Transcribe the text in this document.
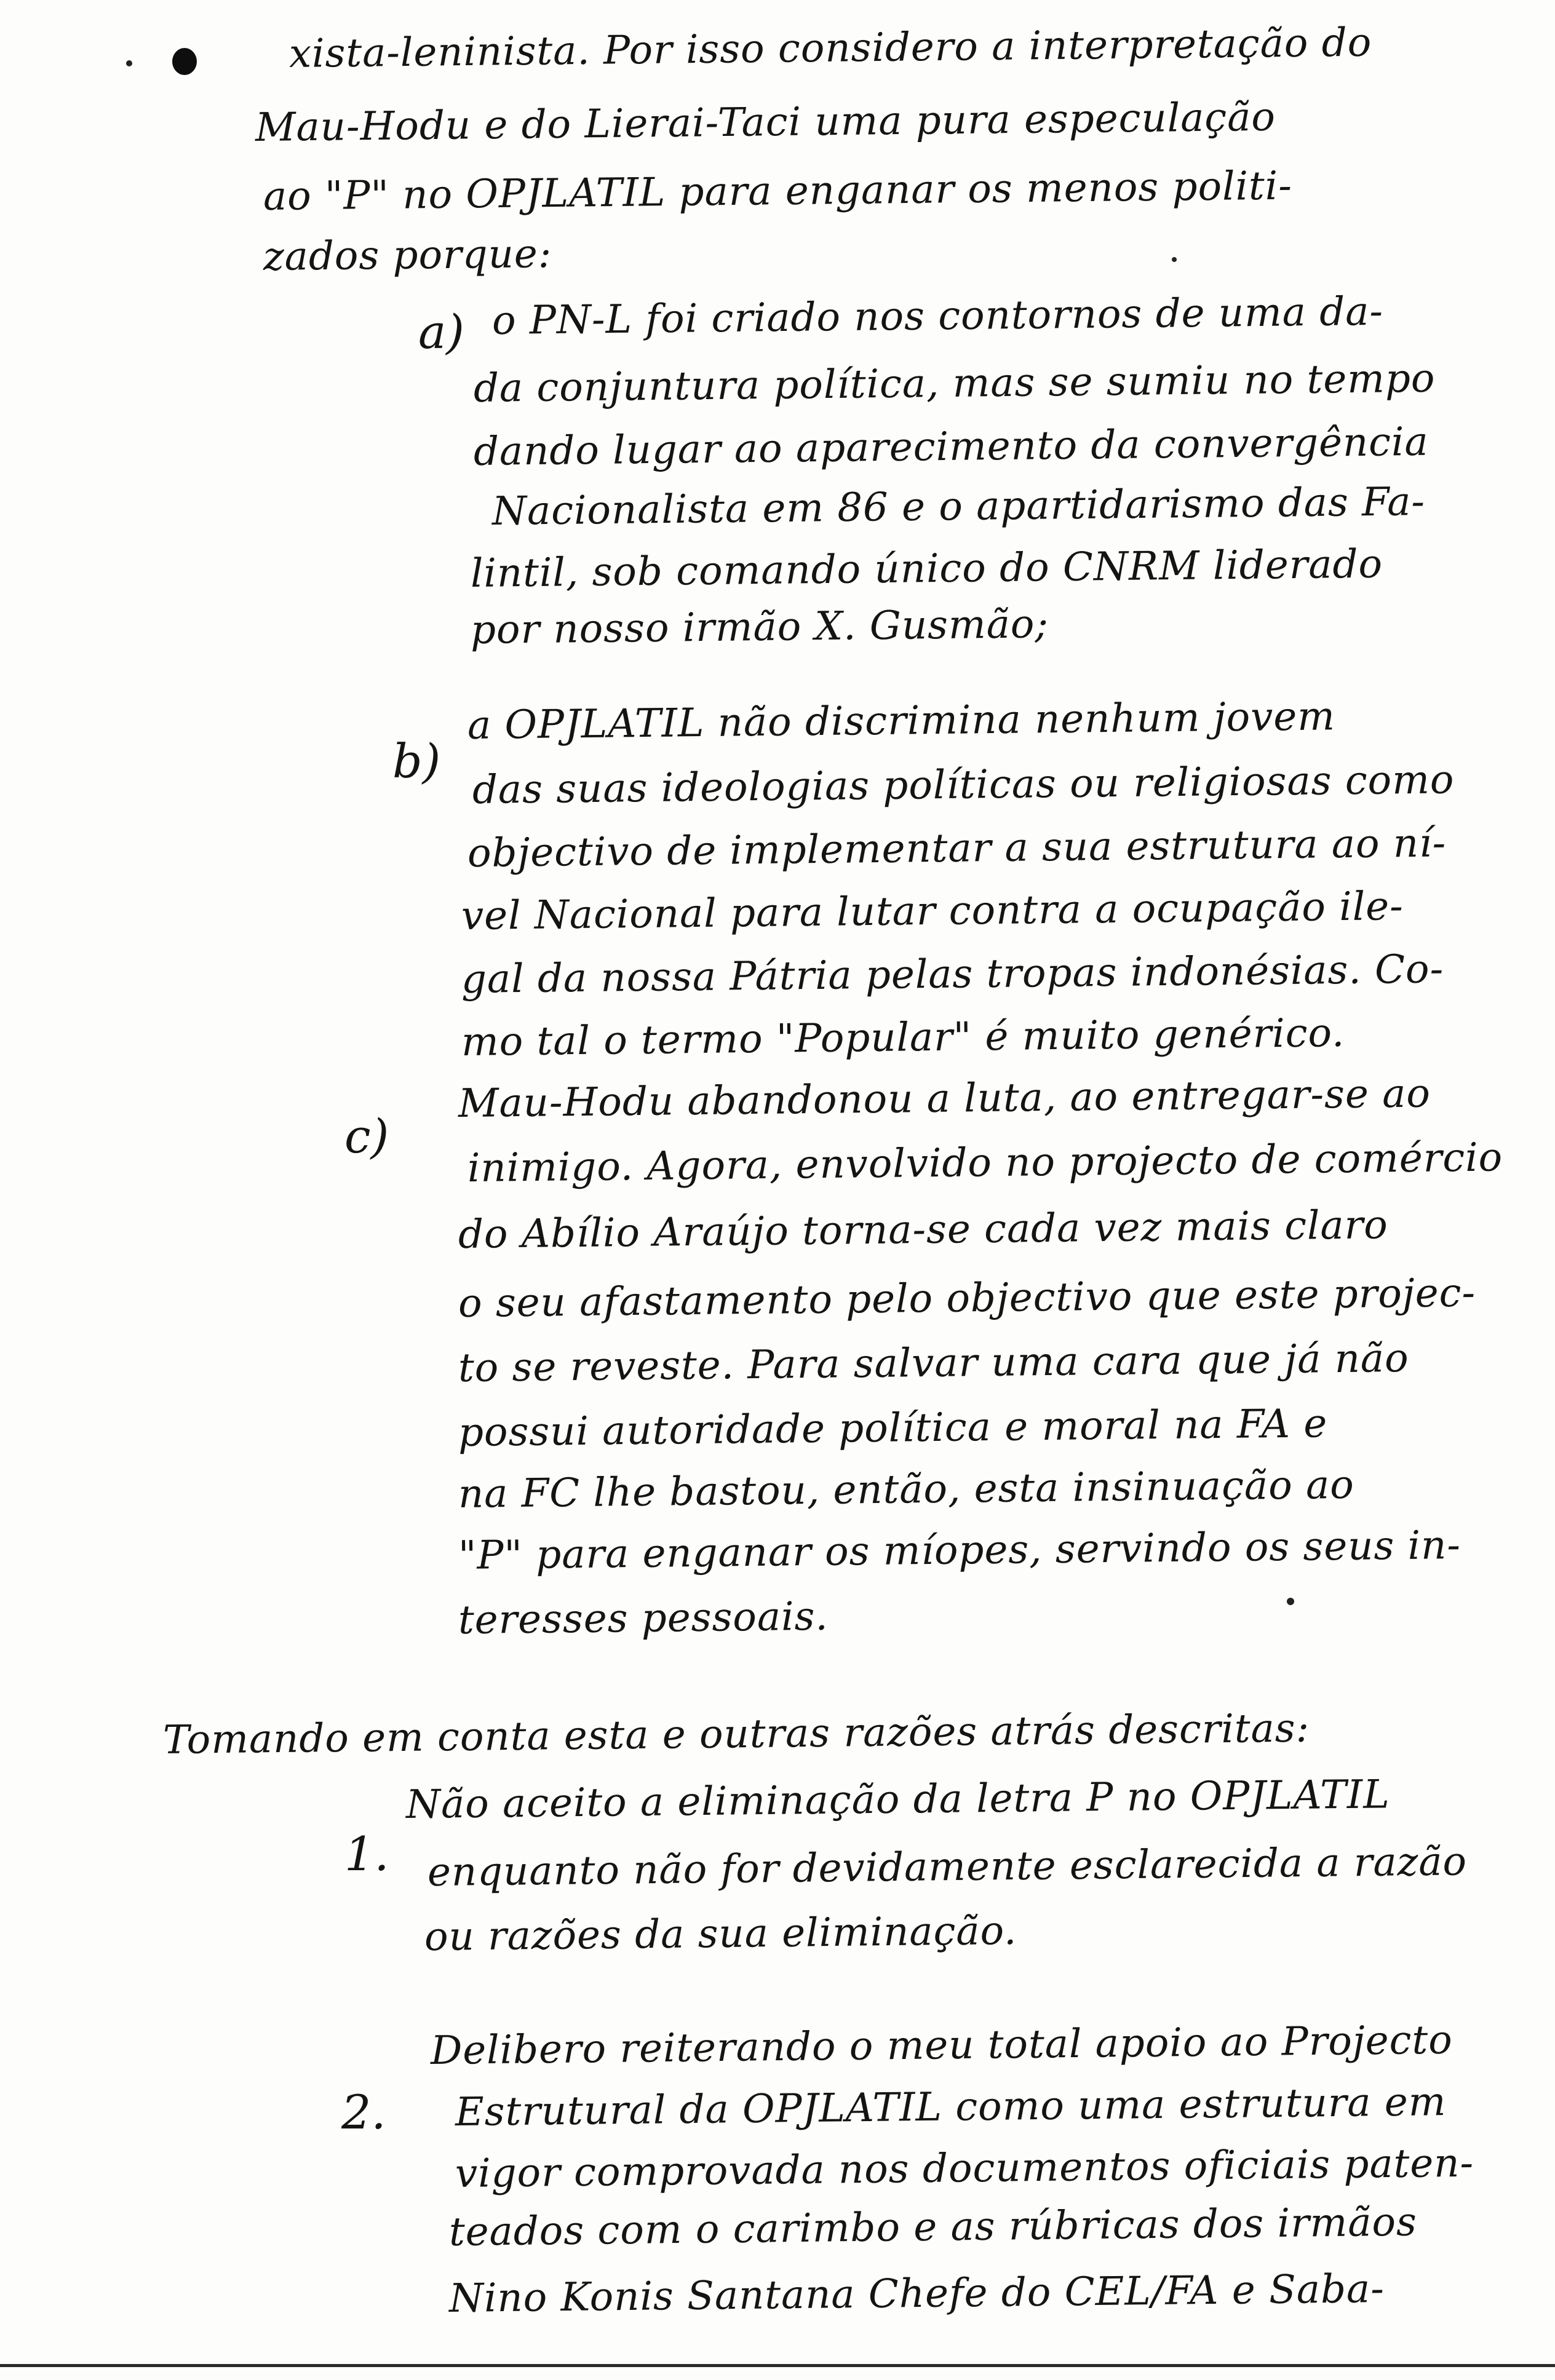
xista-leninista. Por isso considero a interpretação do
Mau-Hodu e do Lierai-Taci uma pura especulação
ao "P" no OPJLATIL para enganar os menos politi-
zados porque:
a) o PN-L foi criado nos contornos de uma da-
da conjuntura política, mas se sumiu no tempo
dando lugar ao aparecimento da convergência
Nacionalista em 86 e o apartidarismo das Fa-
lintil, sob comando único do CNRM liderado
por nosso irmão X. Gusmão;
b)
a OPJLATIL não discrimina nenhum jovem
das suas ideologias políticas ou religiosas como
objectivo de implementar a sua estrutura ao ní-
vel Nacional para lutar contra a ocupação ile-
gal da nossa Pátria pelas tropas indonésias. Co-
mo tal o termo "Popular" é muito genérico.
c)
Mau-Hodu abandonou a luta, ao entregar-se ao
inimigo. Agora, envolvido no projecto de comércio
do Abílio Araújo torna-se cada vez mais claro
o seu afastamento pelo objectivo que este projec-
to se reveste. Para salvar uma cara que já não
possui autoridade política e moral na FA e
na FC lhe bastou, então, esta insinuação ao
"P" para enganar os míopes, servindo os seus in-
teresses pessoais.
Tomando em conta esta e outras razões atrás descritas:
1.
Não aceito a eliminação da letra P no OPJLATIL
enquanto não for devidamente esclarecida a razão
ou razões da sua eliminação.
2.
Delibero reiterando o meu total apoio ao Projecto
Estrutural da OPJLATIL como uma estrutura em
vigor comprovada nos documentos oficiais paten-
teados com o carimbo e as rúbricas dos irmãos
Nino Konis Santana Chefe do CEL/FA e Saba-
